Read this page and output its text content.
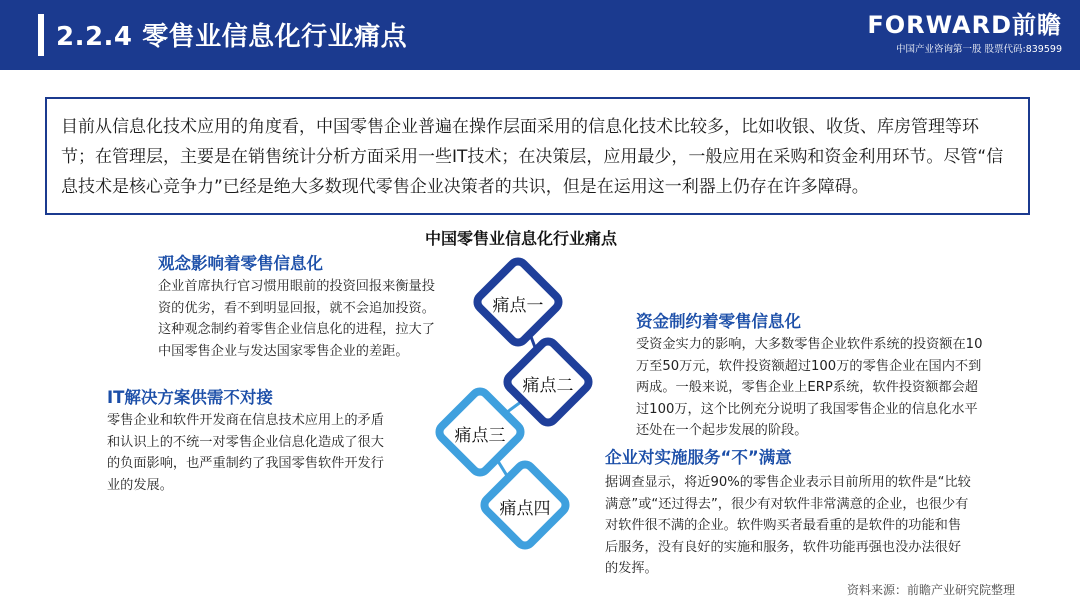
2.2.4 零售业信息化行业痛点	FORWARD前瞻
中国产业咨询第一股 股票代码:839599
目前从信息化技术应用的角度看，中国零售企业普遍在操作层面采用的信息化技术比较多，比如收银、收货、库房管理等环节；在管理层，主要是在销售统计分析方面采用一些IT技术；在决策层，应用最少，一般应用在采购和资金利用环节。尽管“信息技术是核心竞争力”已经是绝大多数现代零售企业决策者的共识，但是在运用这一利器上仍存在许多障碍。
中国零售业信息化行业痛点
痛点一
痛点二
痛点三
痛点四
观念影响着零售信息化
企业首席执行官习惯用眼前的投资回报来衡量投资的优劣，看不到明显回报，就不会追加投资。这种观念制约着零售企业信息化的进程，拉大了中国零售企业与发达国家零售企业的差距。
IT解决方案供需不对接
零售企业和软件开发商在信息技术应用上的矛盾和认识上的不统一对零售企业信息化造成了很大的负面影响，也严重制约了我国零售软件开发行业的发展。
资金制约着零售信息化
受资金实力的影响，大多数零售企业软件系统的投资额在10万至50万元，软件投资额超过100万的零售企业在国内不到两成。一般来说，零售企业上ERP系统，软件投资额都会超过100万，这个比例充分说明了我国零售企业的信息化水平还处在一个起步发展的阶段。
企业对实施服务“不”满意
据调查显示，将近90%的零售企业表示目前所用的软件是“比较满意”或“还过得去”，很少有对软件非常满意的企业，也很少有对软件很不满的企业。软件购买者最看重的是软件的功能和售后服务，没有良好的实施和服务，软件功能再强也没办法很好的发挥。
资料来源：前瞻产业研究院整理
